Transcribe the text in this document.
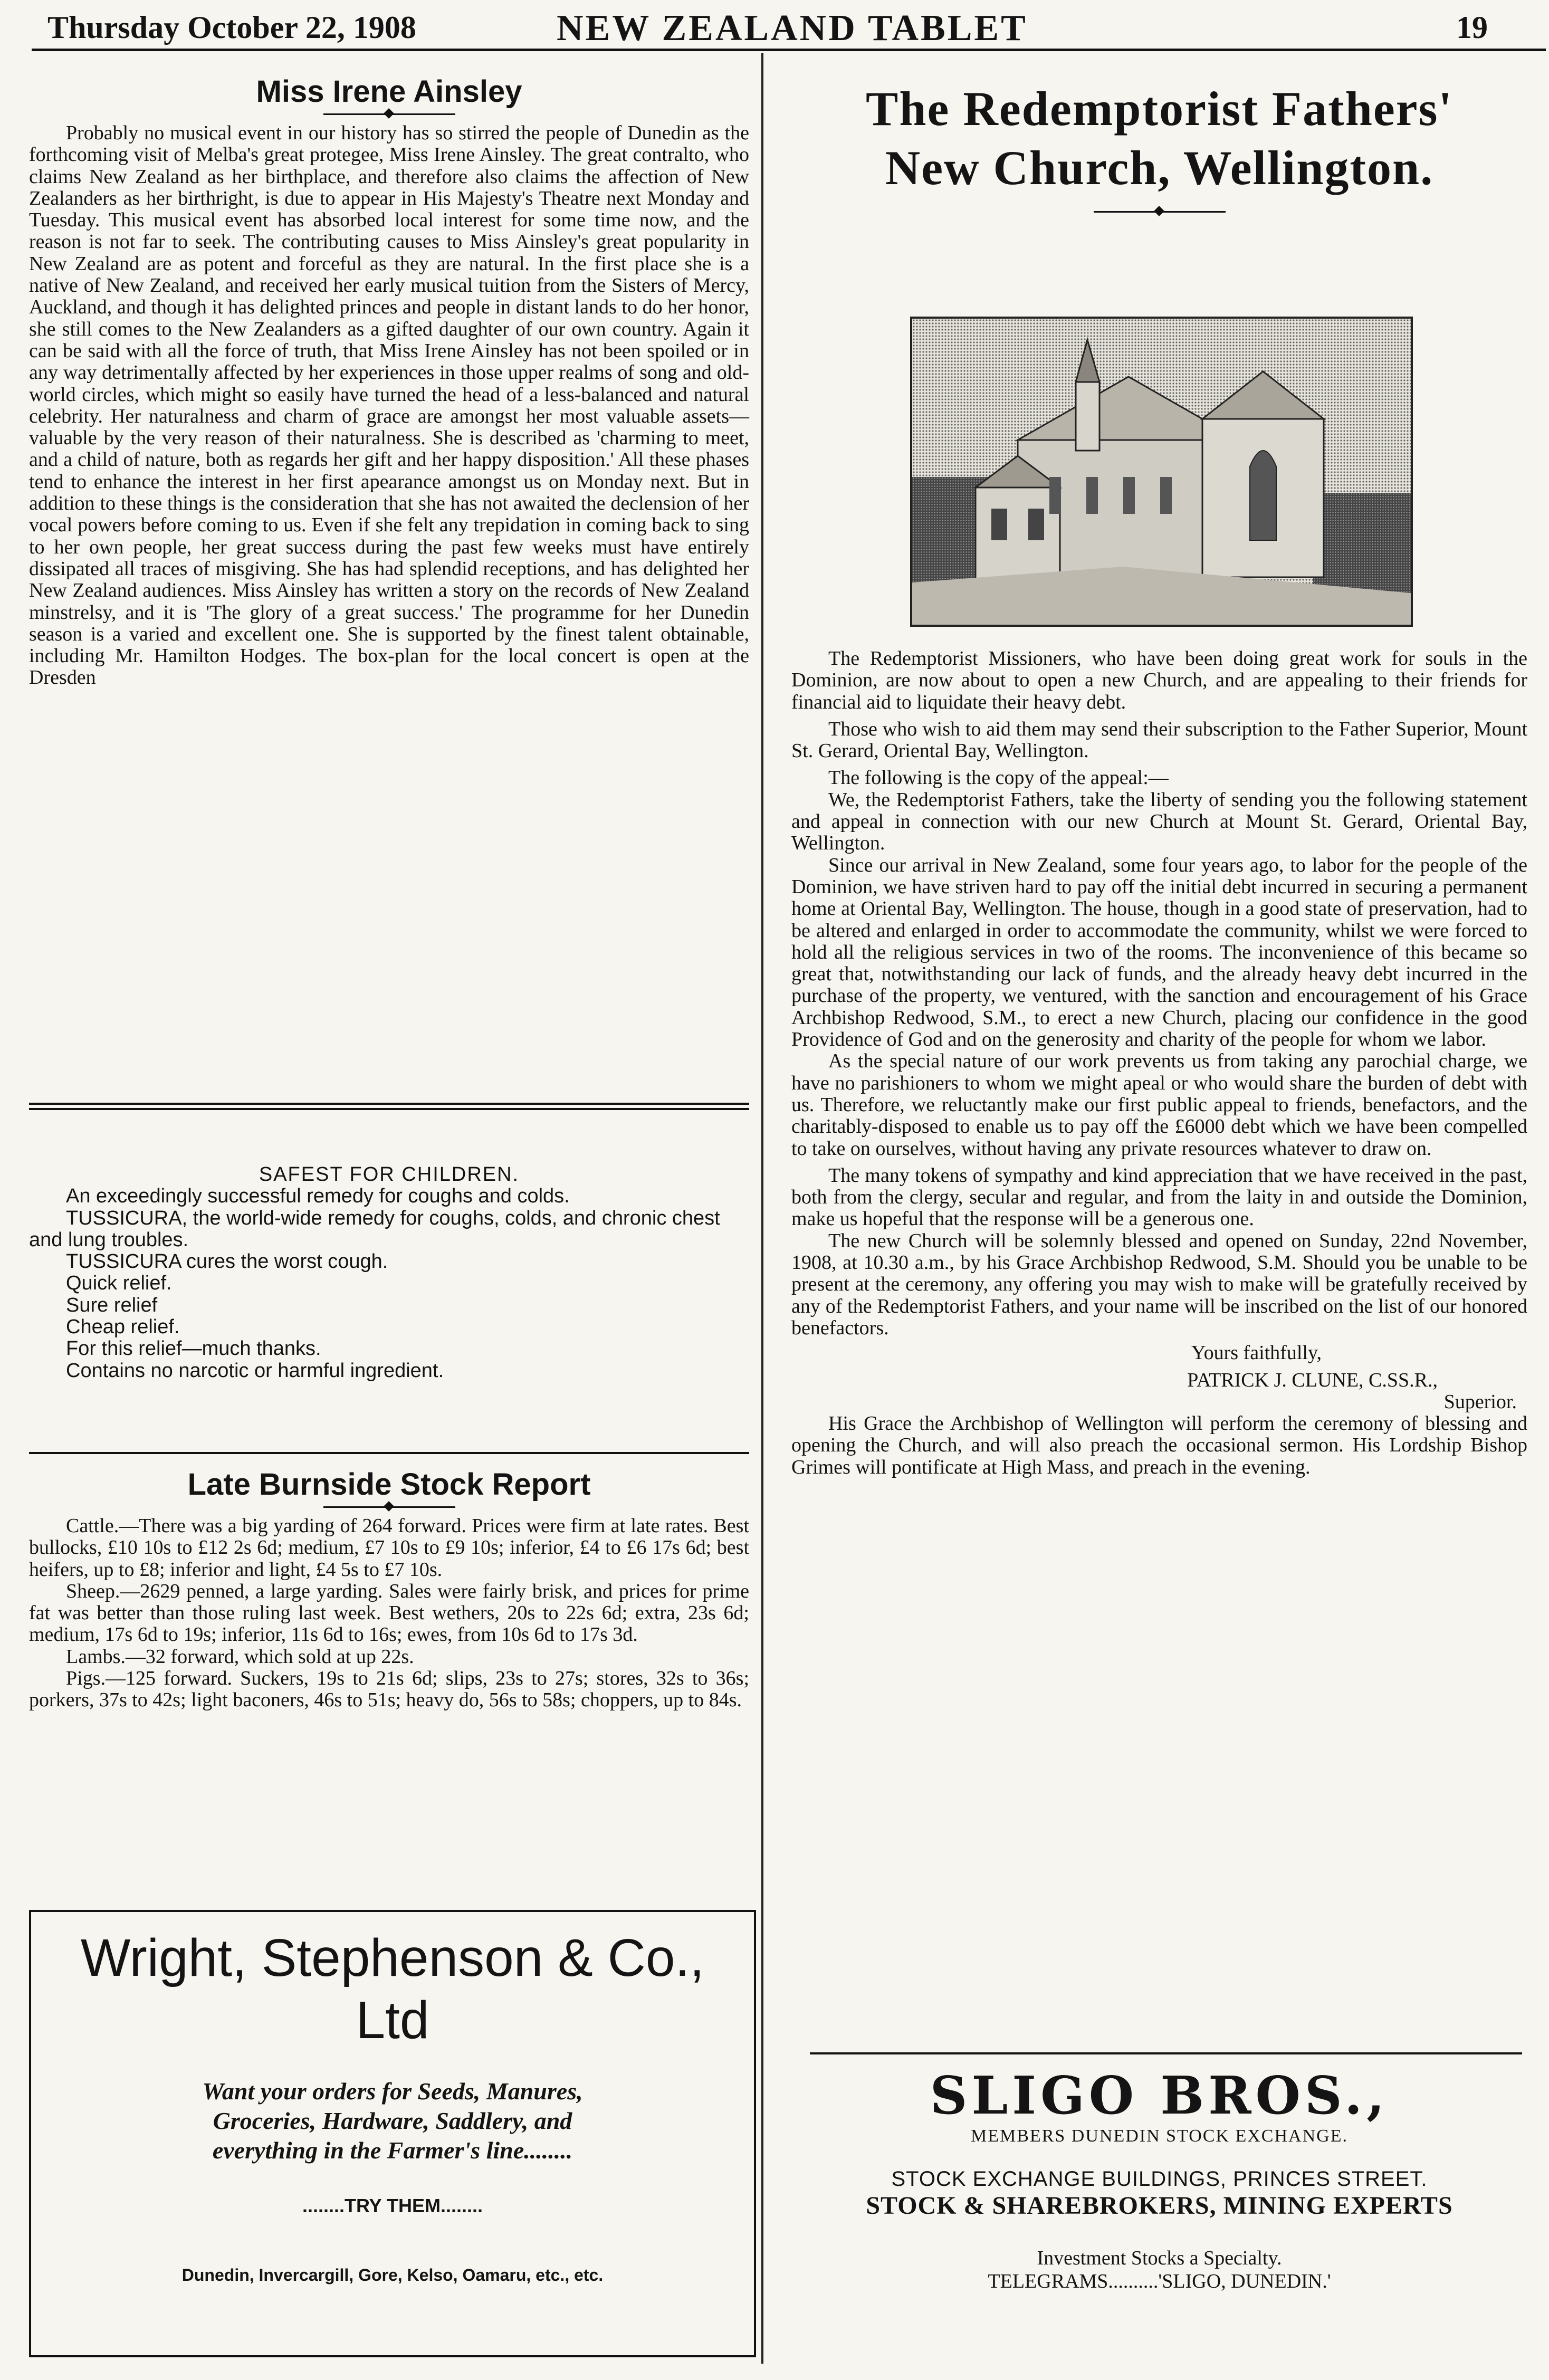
Thursday October 22, 1908	NEW ZEALAND TABLET	19
Miss Irene Ainsley

Probably no musical event in our history has so stirred the people of Dunedin as the forthcoming visit of Melba's great protegee, Miss Irene Ainsley. The great contralto, who claims New Zealand as her birthplace, and therefore also claims the affection of New Zealanders as her birthright, is due to appear in His Majesty's Theatre next Monday and Tuesday. This musical event has absorbed local interest for some time now, and the reason is not far to seek. The contributing causes to Miss Ainsley's great popularity in New Zealand are as potent and forceful as they are natural. In the first place she is a native of New Zealand, and received her early musical tuition from the Sisters of Mercy, Auckland, and though it has delighted princes and people in distant lands to do her honor, she still comes to the New Zealanders as a gifted daughter of our own country. Again it can be said with all the force of truth, that Miss Irene Ainsley has not been spoiled or in any way detrimentally affected by her experiences in those upper realms of song and old-world circles, which might so easily have turned the head of a less-balanced and natural celebrity. Her naturalness and charm of grace are amongst her most valuable assets—valuable by the very reason of their naturalness. She is described as 'charming to meet, and a child of nature, both as regards her gift and her happy disposition.' All these phases tend to enhance the interest in her first apearance amongst us on Monday next. But in addition to these things is the consideration that she has not awaited the declension of her vocal powers before coming to us. Even if she felt any trepidation in coming back to sing to her own people, her great success during the past few weeks must have entirely dissipated all traces of misgiving. She has had splendid receptions, and has delighted her New Zealand audiences. Miss Ainsley has written a story on the records of New Zealand minstrelsy, and it is 'The glory of a great success.' The programme for her Dunedin season is a varied and excellent one. She is supported by the finest talent obtainable, including Mr. Hamilton Hodges. The box-plan for the local concert is open at the Dresden

SAFEST FOR CHILDREN.

An exceedingly successful remedy for coughs and colds.

TUSSICURA, the world-wide remedy for coughs, colds, and chronic chest and lung troubles.

TUSSICURA cures the worst cough.

Quick relief.

Sure relief

Cheap relief.

For this relief—much thanks.

Contains no narcotic or harmful ingredient.

Late Burnside Stock Report

Cattle.—There was a big yarding of 264 forward. Prices were firm at late rates. Best bullocks, £10 10s to £12 2s 6d; medium, £7 10s to £9 10s; inferior, £4 to £6 17s 6d; best heifers, up to £8; inferior and light, £4 5s to £7 10s.

Sheep.—2629 penned, a large yarding. Sales were fairly brisk, and prices for prime fat was better than those ruling last week. Best wethers, 20s to 22s 6d; extra, 23s 6d; medium, 17s 6d to 19s; inferior, 11s 6d to 16s; ewes, from 10s 6d to 17s 3d.

Lambs.—32 forward, which sold at up 22s.

Pigs.—125 forward. Suckers, 19s to 21s 6d; slips, 23s to 27s; stores, 32s to 36s; porkers, 37s to 42s; light baconers, 46s to 51s; heavy do, 56s to 58s; choppers, up to 84s.

Wright, Stephenson & Co.,
Ltd
Want your orders for Seeds, Manures,
Groceries, Hardware, Saddlery, and
everything in the Farmer's line........
........TRY THEM........
Dunedin, Invercargill, Gore, Kelso, Oamaru, etc., etc.
The Redemptorist Fathers'
New Church, Wellington.

The Redemptorist Missioners, who have been doing great work for souls in the Dominion, are now about to open a new Church, and are appealing to their friends for financial aid to liquidate their heavy debt.

Those who wish to aid them may send their subscription to the Father Superior, Mount St. Gerard, Oriental Bay, Wellington.

The following is the copy of the appeal:—

We, the Redemptorist Fathers, take the liberty of sending you the following statement and appeal in connection with our new Church at Mount St. Gerard, Oriental Bay, Wellington.

Since our arrival in New Zealand, some four years ago, to labor for the people of the Dominion, we have striven hard to pay off the initial debt incurred in securing a permanent home at Oriental Bay, Wellington. The house, though in a good state of preservation, had to be altered and enlarged in order to accommodate the community, whilst we were forced to hold all the religious services in two of the rooms. The inconvenience of this became so great that, notwithstanding our lack of funds, and the already heavy debt incurred in the purchase of the property, we ventured, with the sanction and encouragement of his Grace Archbishop Redwood, S.M., to erect a new Church, placing our confidence in the good Providence of God and on the generosity and charity of the people for whom we labor.

As the special nature of our work prevents us from taking any parochial charge, we have no parishioners to whom we might apeal or who would share the burden of debt with us. Therefore, we reluctantly make our first public appeal to friends, benefactors, and the charitably-disposed to enable us to pay off the £6000 debt which we have been compelled to take on ourselves, without having any private resources whatever to draw on.

The many tokens of sympathy and kind appreciation that we have received in the past, both from the clergy, secular and regular, and from the laity in and outside the Dominion, make us hopeful that the response will be a generous one.

The new Church will be solemnly blessed and opened on Sunday, 22nd November, 1908, at 10.30 a.m., by his Grace Archbishop Redwood, S.M. Should you be unable to be present at the ceremony, any offering you may wish to make will be gratefully received by any of the Redemptorist Fathers, and your name will be inscribed on the list of our honored benefactors.

Yours faithfully,

PATRICK J. CLUNE, C.SS.R.,

Superior.

His Grace the Archbishop of Wellington will perform the ceremony of blessing and opening the Church, and will also preach the occasional sermon. His Lordship Bishop Grimes will pontificate at High Mass, and preach in the evening.

SLIGO BROS.,
MEMBERS DUNEDIN STOCK EXCHANGE.
STOCK EXCHANGE BUILDINGS, PRINCES STREET.
STOCK & SHAREBROKERS, MINING EXPERTS
Investment Stocks a Specialty.
TELEGRAMS..........'SLIGO, DUNEDIN.'
